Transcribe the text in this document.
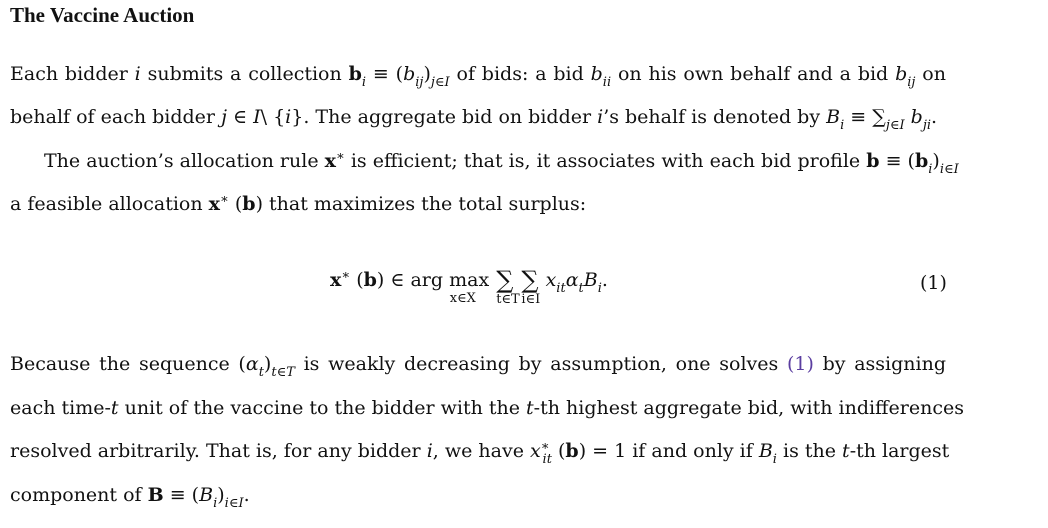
The Vaccine Auction
Each bidder i submits a collection $b_i \equiv (b_{ij})_{j\in I}$ of bids: a bid $b_{ii}$ on his own behalf and a bid $b_{ij}$ on
behalf of each bidder j ∈ I\ {i}. The aggregate bid on bidder i’s behalf is denoted by $B_i \equiv \sum_{j\in I}$ $b_{ji}$.
The auction’s allocation rule x∗ is efficient; that is, it associates with each bid profile $b \equiv (b_i)_{i\in I}$
a feasible allocation x∗ (b) that maximizes the total surplus:
x∗ (b) ∈ arg max
x∈X
∑
t∈T
∑
i∈I
$x_{it}\alpha_tB_i$.	(1)
Because the sequence $(\alpha_t)_{t\in T}$ is weakly decreasing by assumption, one solves (1) by assigning
each time-t unit of the vaccine to the bidder with the t-th highest aggregate bid, with indifferences
resolved arbitrarily. That is, for any bidder i, we have $x^∗_{it}$ (b) = 1 if and only if $B_i$ is the t-th largest
component of $B \equiv (B_i)_{i\in I}$.
